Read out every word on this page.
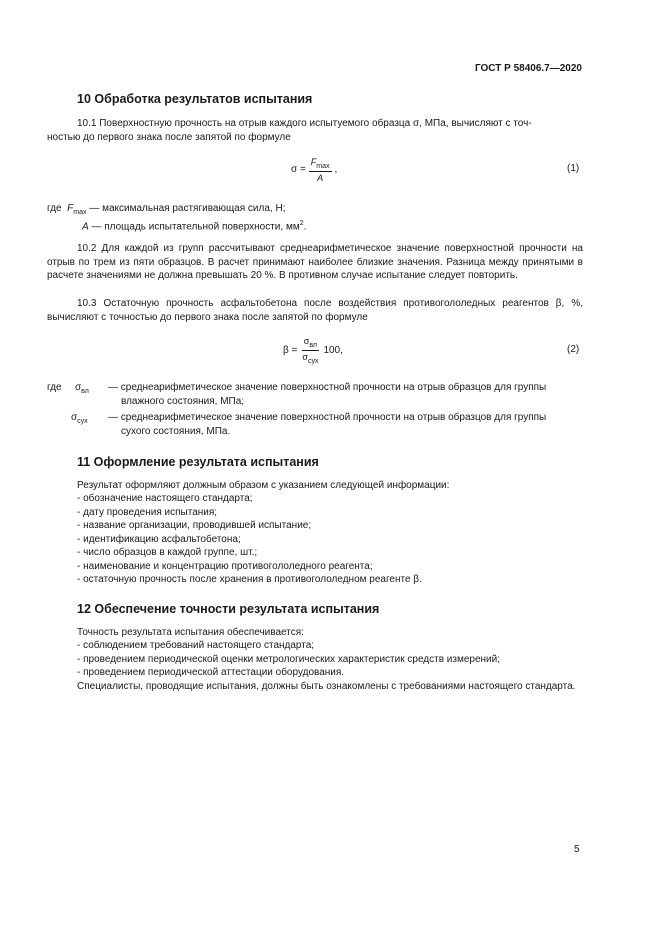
ГОСТ Р 58406.7—2020
10 Обработка результатов испытания
10.1 Поверхностную прочность на отрыв каждого испытуемого образца σ, МПа, вычисляют с точ-
ностью до первого знака после запятой по формуле
$\sigma = \frac{F_{max}}{A}$ ,	(1)
где $F_{max}$ — максимальная растягивающая сила, Н;
A — площадь испытательной поверхности, $мм^2$.
10.2 Для каждой из групп рассчитывают среднеарифметическое значение поверхностной прочности на отрыв по трем из пяти образцов. В расчет принимают наиболее близкие значения. Разница между принятыми в расчете значениями не должна превышать 20 %. В противном случае испытание следует повторить.
10.3 Остаточную прочность асфальтобетона после воздействия противогололедных реагентов β, %, вычисляют с точностью до первого знака после запятой по формуле
$\beta = \frac{\sigma_{вл}}{\sigma_{сух}} 100$,	(2)
где $\sigma_{вл}$ — среднеарифметическое значение поверхностной прочности на отрыв образцов для группы
влажного состояния, МПа;
$\sigma_{сух}$ — среднеарифметическое значение поверхностной прочности на отрыв образцов для группы
сухого состояния, МПа.
11 Оформление результата испытания
Результат оформляют должным образом с указанием следующей информации:
- обозначение настоящего стандарта;
- дату проведения испытания;
- название организации, проводившей испытание;
- идентификацию асфальтобетона;
- число образцов в каждой группе, шт.;
- наименование и концентрацию противогололедного реагента;
- остаточную прочность после хранения в противогололедном реагенте β.
12 Обеспечение точности результата испытания
Точность результата испытания обеспечивается:
- соблюдением требований настоящего стандарта;
- проведением периодической оценки метрологических характеристик средств измерений;
- проведением периодической аттестации оборудования.
Специалисты, проводящие испытания, должны быть ознакомлены с требованиями настоящего стандарта.
5
